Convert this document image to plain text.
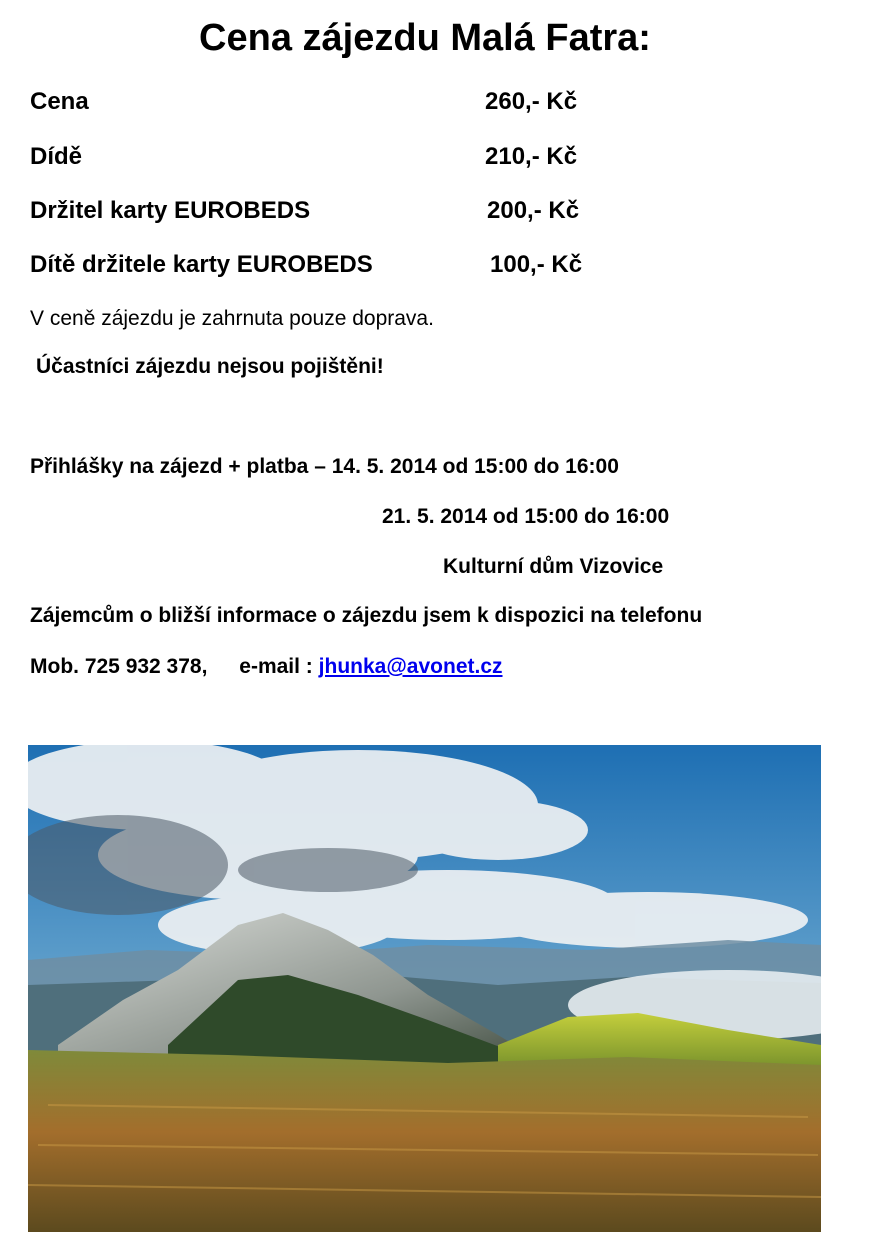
Cena zájezdu Malá Fatra:
Cena	260,- Kč
Dídě	210,- Kč
Držitel karty EUROBEDS	200,- Kč
Dítě držitele karty EUROBEDS	100,- Kč
V ceně zájezdu je zahrnuta pouze doprava.
Účastníci zájezdu nejsou pojištěni!
Přihlášky na zájezd + platba – 14. 5. 2014 od 15:00 do 16:00
21. 5. 2014 od 15:00 do 16:00
Kulturní dům Vizovice
Zájemcům o bližší informace o zájezdu jsem k dispozici na telefonu
Mob. 725 932 378, e-mail : jhunka@avonet.cz
